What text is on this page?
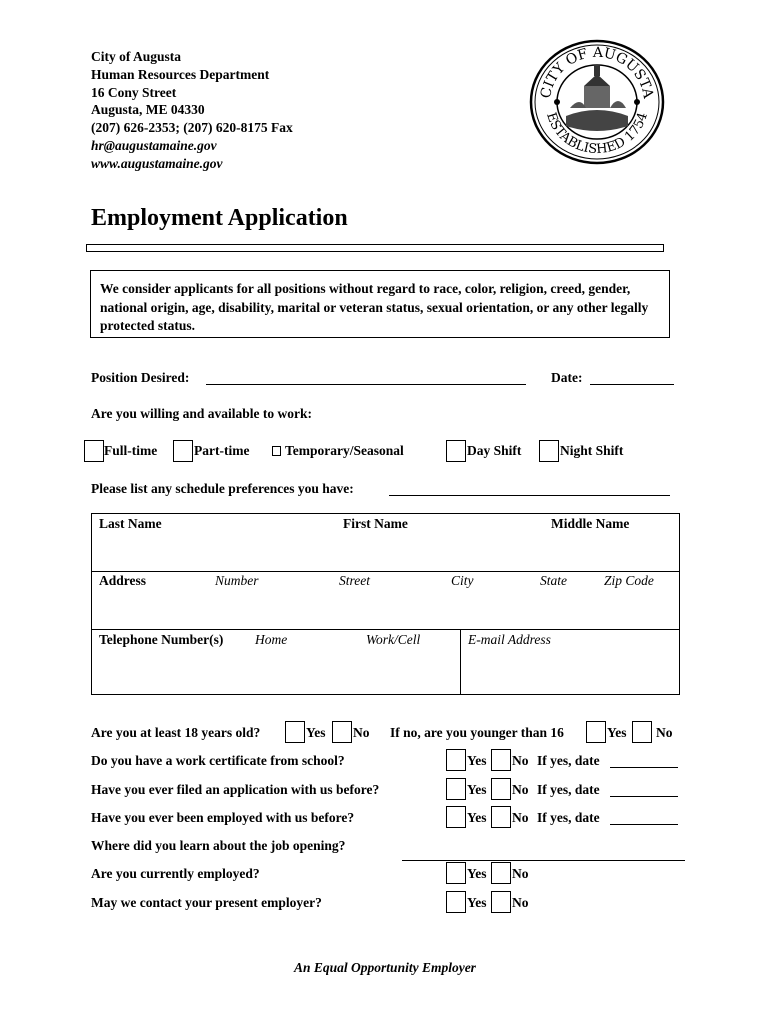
City of Augusta
Human Resources Department
16 Cony Street
Augusta, ME 04330
(207) 626-2353; (207) 620-8175 Fax
hr@augustamaine.gov
www.augustamaine.gov
CITY OF AUGUSTA
ESTABLISHED 1754
Employment Application
We consider applicants for all positions without regard to race, color, religion, creed, gender, national origin, age, disability, marital or veteran status, sexual orientation, or any other legally protected status.
Position Desired:	Date:
Are you willing and available to work:
Full-time	Part-time	Temporary/Seasonal	Day Shift	Night Shift
Please list any schedule preferences you have:
Last Name	First Name	Middle Name
Address	Number	Street	City	State	Zip Code
Telephone Number(s) Home	Work/Cell	E-mail Address
Are you at least 18 years old?	Yes No If no, are you younger than 16	Yes No
Do you have a work certificate from school?	Yes No If yes, date
Have you ever filed an application with us before?	Yes No If yes, date
Have you ever been employed with us before?	Yes No If yes, date
Where did you learn about the job opening?
Are you currently employed?	Yes No
May we contact your present employer?	Yes No
An Equal Opportunity Employer
